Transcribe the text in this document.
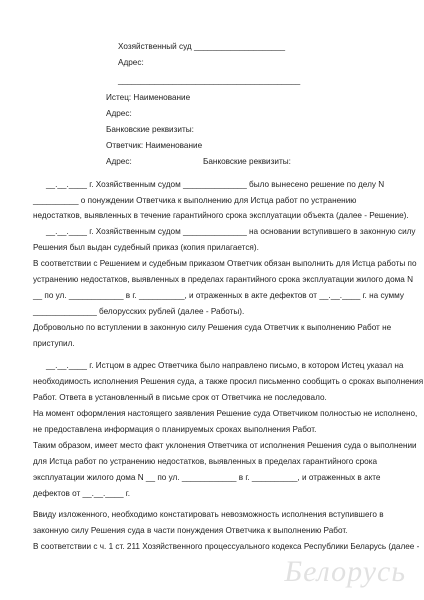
Хозяйственный суд ____________________
Адрес:
________________________________________
Истец: Наименование
Адрес:
Банковские реквизиты:
Ответчик: Наименование
Адрес:	Банковские реквизиты:
__.__.____ г. Хозяйственным судом ______________ было вынесено решение по делу N
__________ о понуждении Ответчика к выполнению для Истца работ по устранению
недостатков, выявленных в течение гарантийного срока эксплуатации объекта (далее - Решение).
__.__.____ г. Хозяйственным судом ______________ на основании вступившего в законную силу
Решения был выдан судебный приказ (копия прилагается).
В соответствии с Решением и судебным приказом Ответчик обязан выполнить для Истца работы по
устранению недостатков, выявленных в пределах гарантийного срока эксплуатации жилого дома N
__ по ул. ____________ в г. __________, и отраженных в акте дефектов от __.__.____ г. на сумму
______________ белорусских рублей (далее - Работы).
Добровольно по вступлении в законную силу Решения суда Ответчик к выполнению Работ не
приступил.
__.__.____ г. Истцом в адрес Ответчика было направлено письмо, в котором Истец указал на
необходимость исполнения Решения суда, а также просил письменно сообщить о сроках выполнения
Работ. Ответа в установленный в письме срок от Ответчика не последовало.
На момент оформления настоящего заявления Решение суда Ответчиком полностью не исполнено,
не предоставлена информация о планируемых сроках выполнения Работ.
Таким образом, имеет место факт уклонения Ответчика от исполнения Решения суда о выполнении
для Истца работ по устранению недостатков, выявленных в пределах гарантийного срока
эксплуатации жилого дома N __ по ул. ____________ в г. __________, и отраженных в акте
дефектов от __.__.____ г.
Ввиду изложенного, необходимо констатировать невозможность исполнения вступившего в
законную силу Решения суда в части понуждения Ответчика к выполнению Работ.
В соответствии с ч. 1 ст. 211 Хозяйственного процессуального кодекса Республики Беларусь (далее -
Белорусь
